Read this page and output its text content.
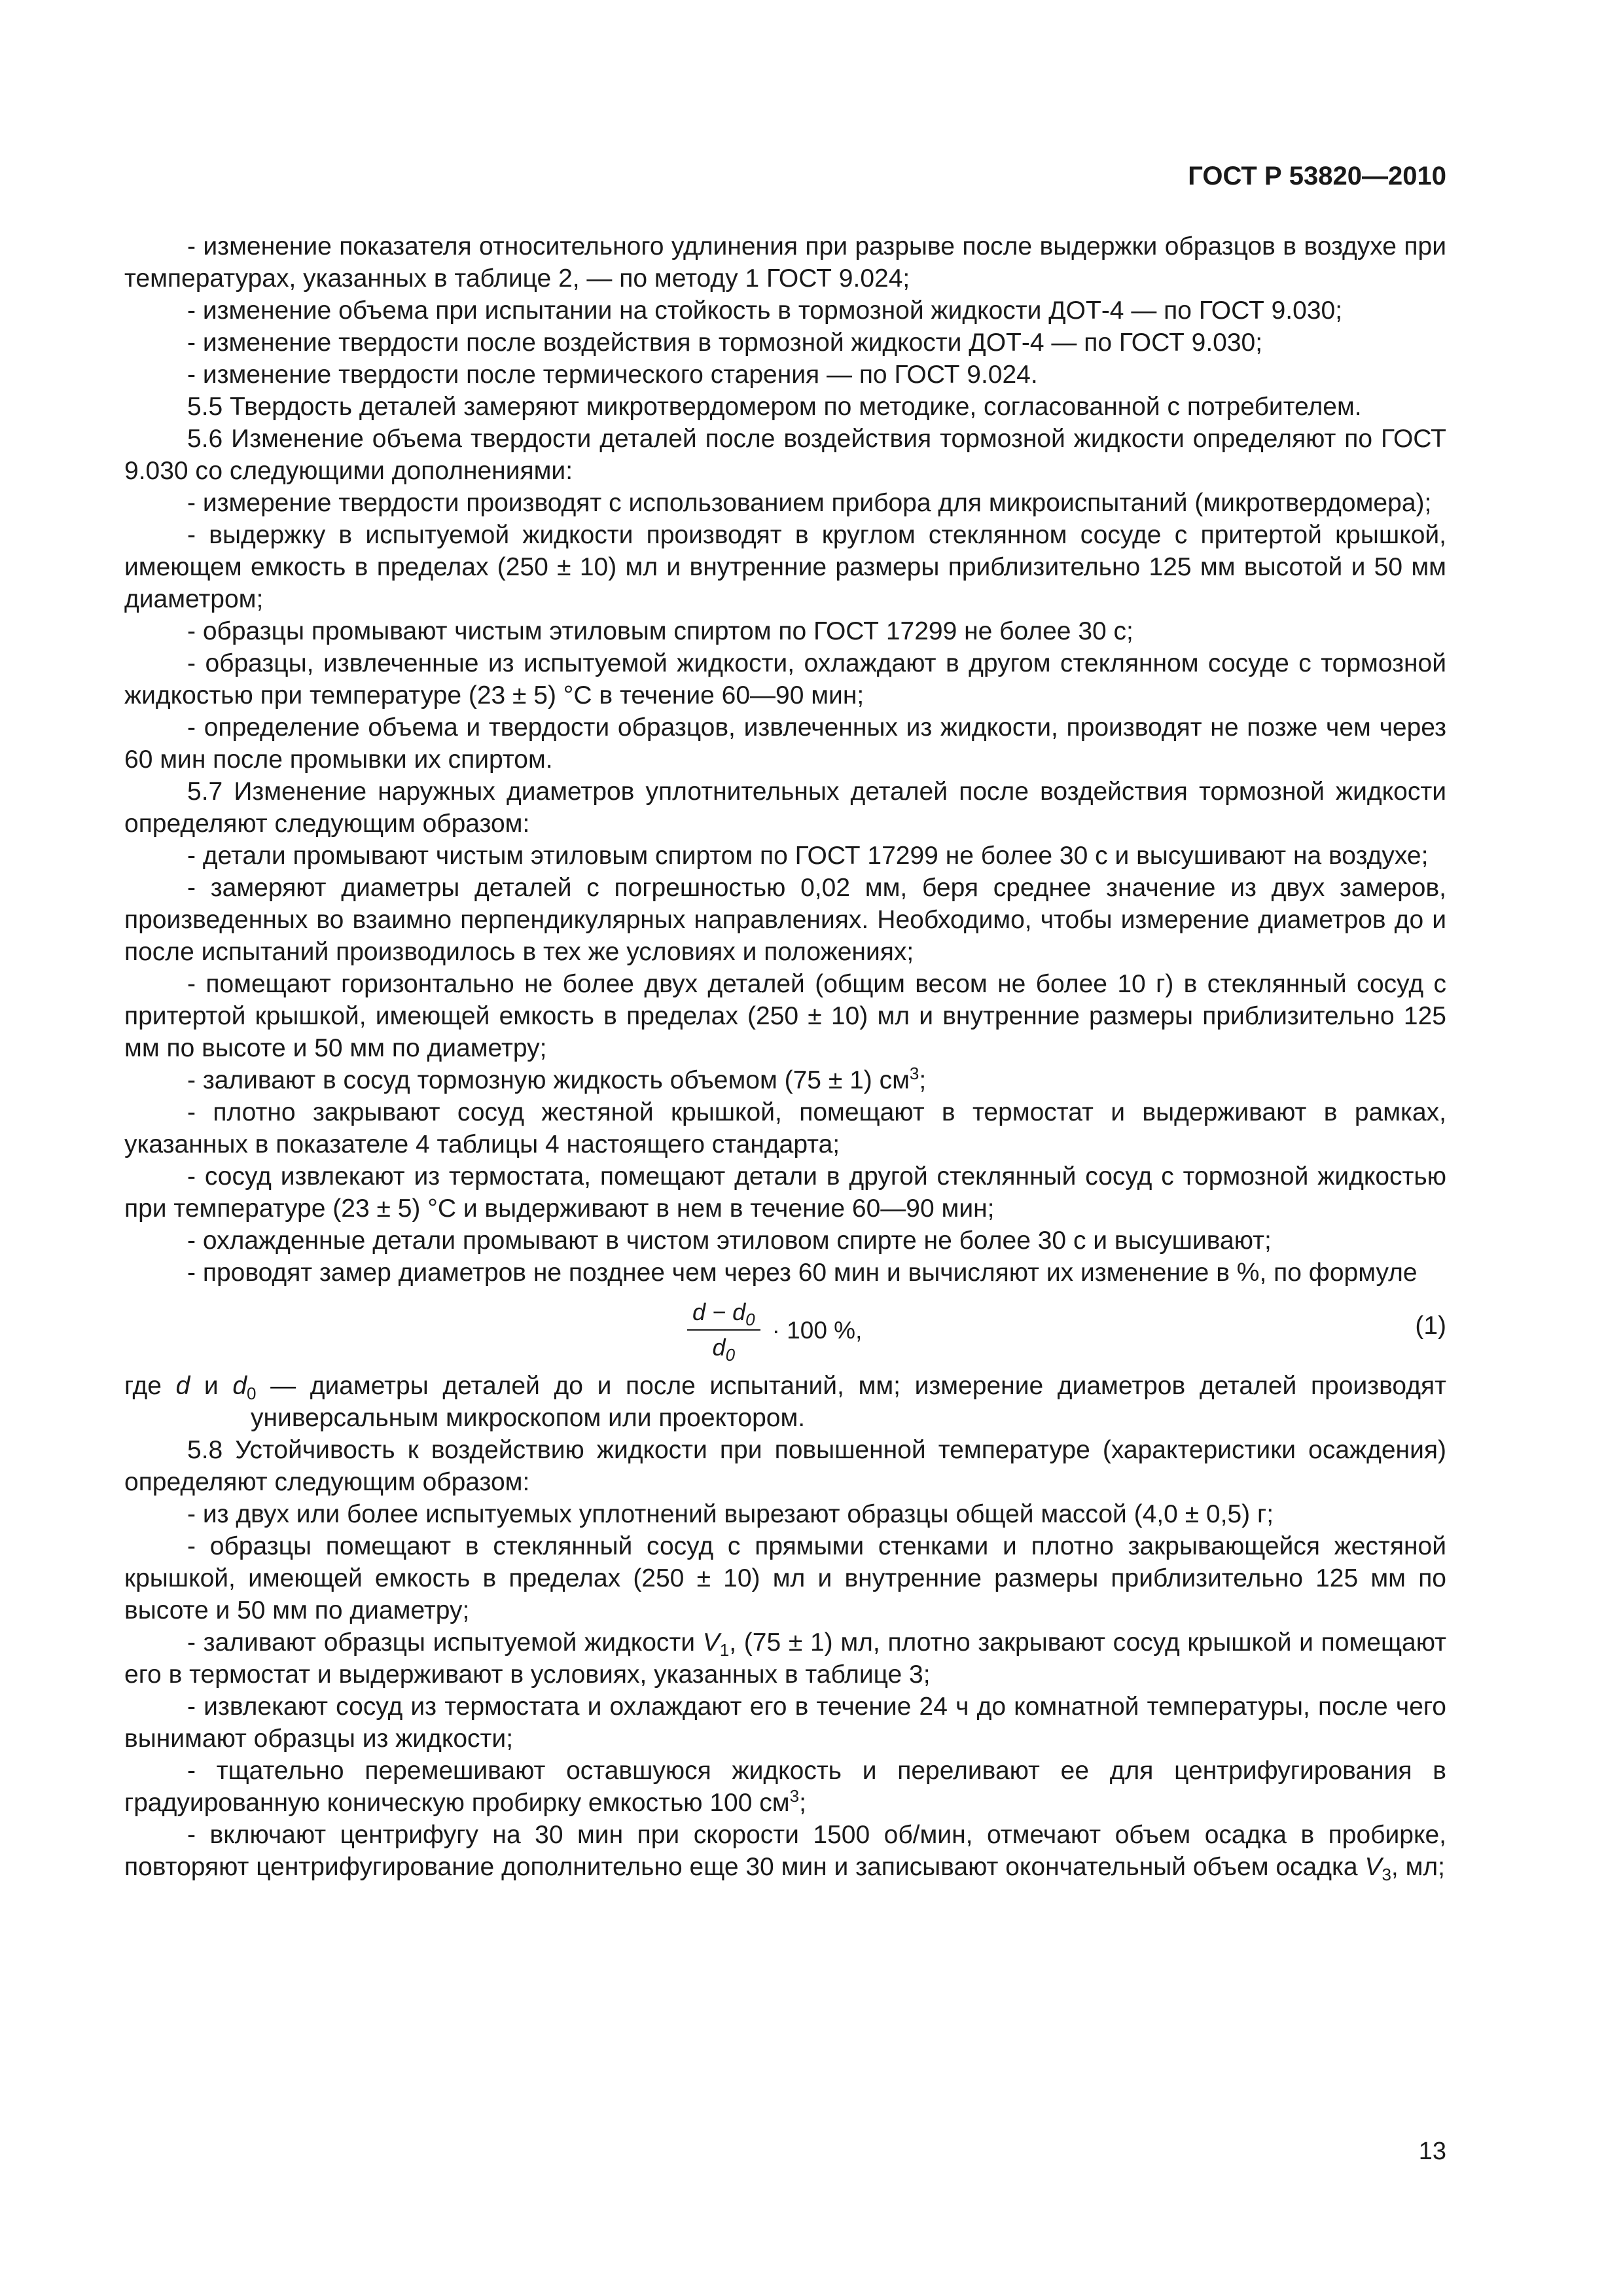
ГОСТ Р 53820—2010

- изменение показателя относительного удлинения при разрыве после выдержки образцов в воздухе при температурах, указанных в таблице 2, — по методу 1 ГОСТ 9.024;

- изменение объема при испытании на стойкость в тормозной жидкости ДОТ-4 — по ГОСТ 9.030;

- изменение твердости после воздействия в тормозной жидкости ДОТ-4 — по ГОСТ 9.030;

- изменение твердости после термического старения — по ГОСТ 9.024.

5.5 Твердость деталей замеряют микротвердомером по методике, согласованной с потребителем.

5.6 Изменение объема твердости деталей после воздействия тормозной жидкости определяют по ГОСТ 9.030 со следующими дополнениями:

- измерение твердости производят с использованием прибора для микроиспытаний (микротвердомера);

- выдержку в испытуемой жидкости производят в круглом стеклянном сосуде с притертой крышкой, имеющем емкость в пределах (250 ± 10) мл и внутренние размеры приблизительно 125 мм высотой и 50 мм диаметром;

- образцы промывают чистым этиловым спиртом по ГОСТ 17299 не более 30 с;

- образцы, извлеченные из испытуемой жидкости, охлаждают в другом стеклянном сосуде с тормозной жидкостью при температуре (23 ± 5) °С в течение 60—90 мин;

- определение объема и твердости образцов, извлеченных из жидкости, производят не позже чем через 60 мин после промывки их спиртом.

5.7 Изменение наружных диаметров уплотнительных деталей после воздействия тормозной жидкости определяют следующим образом:

- детали промывают чистым этиловым спиртом по ГОСТ 17299 не более 30 с и высушивают на воздухе;

- замеряют диаметры деталей с погрешностью 0,02 мм, беря среднее значение из двух замеров, произведенных во взаимно перпендикулярных направлениях. Необходимо, чтобы измерение диаметров до и после испытаний производилось в тех же условиях и положениях;

- помещают горизонтально не более двух деталей (общим весом не более 10 г) в стеклянный сосуд с притертой крышкой, имеющей емкость в пределах (250 ± 10) мл и внутренние размеры приблизительно 125 мм по высоте и 50 мм по диаметру;

- заливают в сосуд тормозную жидкость объемом (75 ± 1) $см^3$;

- плотно закрывают сосуд жестяной крышкой, помещают в термостат и выдерживают в рамках, указанных в показателе 4 таблицы 4 настоящего стандарта;

- сосуд извлекают из термостата, помещают детали в другой стеклянный сосуд с тормозной жидкостью при температуре (23 ± 5) °С и выдерживают в нем в течение 60—90 мин;

- охлажденные детали промывают в чистом этиловом спирте не более 30 с и высушивают;

- проводят замер диаметров не позднее чем через 60 мин и вычисляют их изменение в %, по формуле

$\frac{d - d_0}{d_0} \cdot 100$ %,	(1)

где d и $d_0$ — диаметры деталей до и после испытаний, мм; измерение диаметров деталей производят универсальным микроскопом или проектором.

5.8 Устойчивость к воздействию жидкости при повышенной температуре (характеристики осаждения) определяют следующим образом:

- из двух или более испытуемых уплотнений вырезают образцы общей массой (4,0 ± 0,5) г;

- образцы помещают в стеклянный сосуд с прямыми стенками и плотно закрывающейся жестяной крышкой, имеющей емкость в пределах (250 ± 10) мл и внутренние размеры приблизительно 125 мм по высоте и 50 мм по диаметру;

- заливают образцы испытуемой жидкости $V_1$, (75 ± 1) мл, плотно закрывают сосуд крышкой и помещают его в термостат и выдерживают в условиях, указанных в таблице 3;

- извлекают сосуд из термостата и охлаждают его в течение 24 ч до комнатной температуры, после чего вынимают образцы из жидкости;

- тщательно перемешивают оставшуюся жидкость и переливают ее для центрифугирования в градуированную коническую пробирку емкостью 100 $см^3$;

- включают центрифугу на 30 мин при скорости 1500 об/мин, отмечают объем осадка в пробирке, повторяют центрифугирование дополнительно еще 30 мин и записывают окончательный объем осадка $V_3$, мл;

13
